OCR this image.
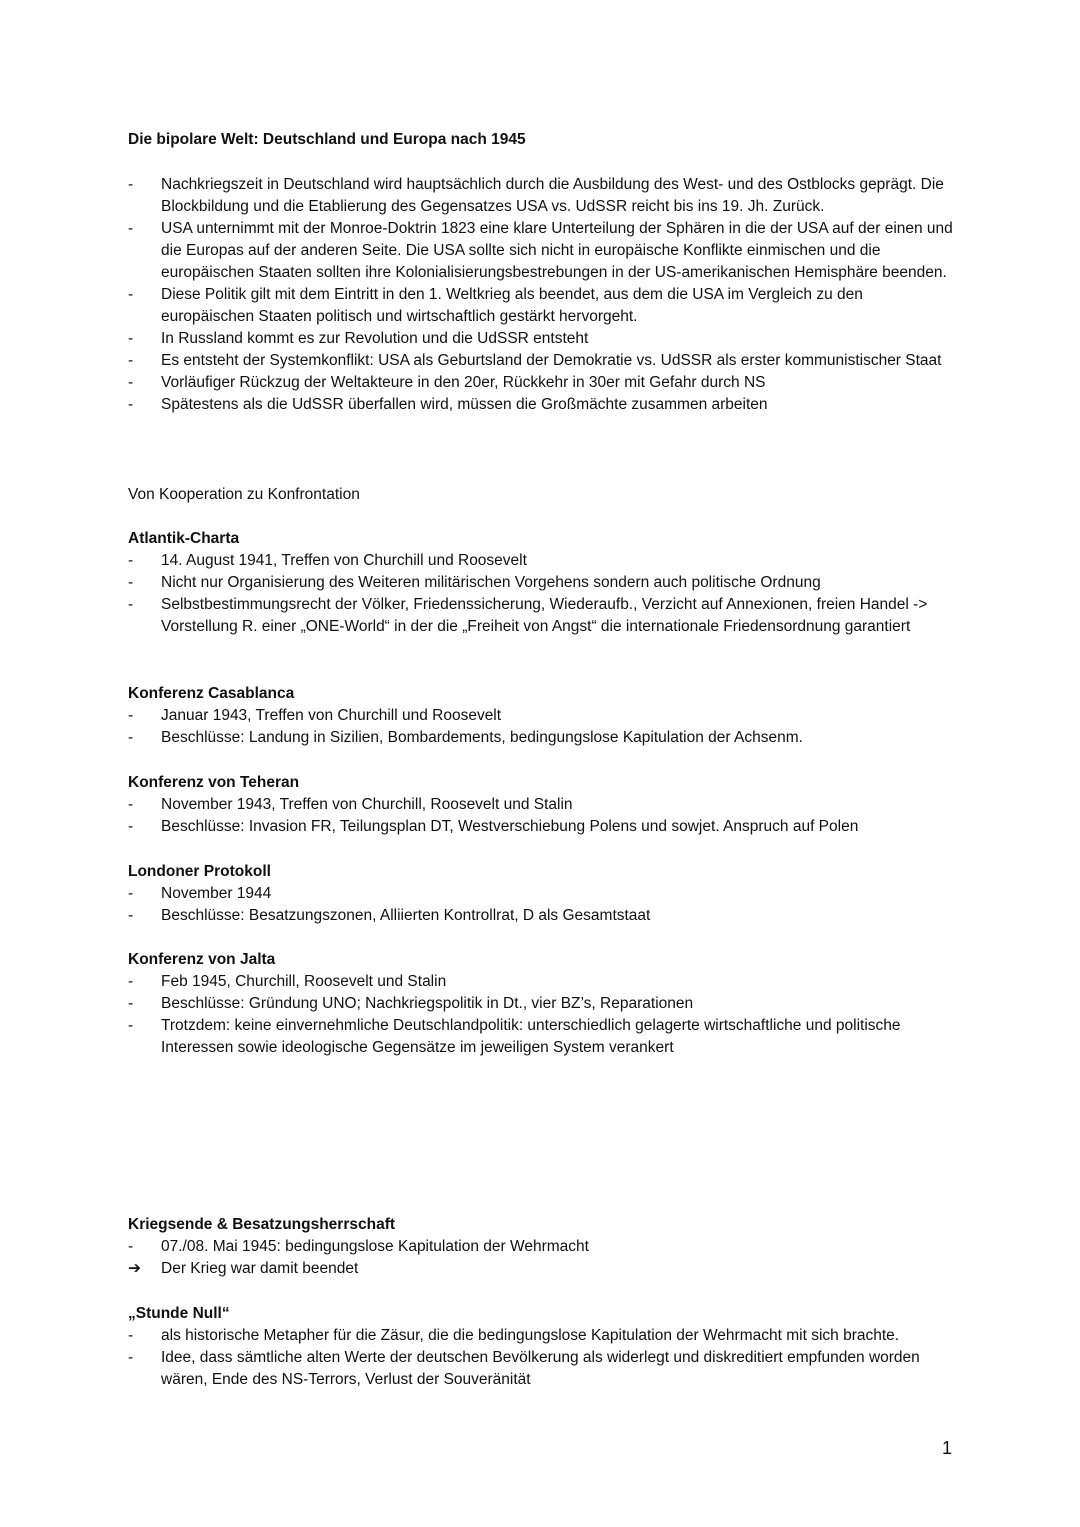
Die bipolare Welt: Deutschland und Europa nach 1945
-	Nachkriegszeit in Deutschland wird hauptsächlich durch die Ausbildung des West- und des Ostblocks geprägt. Die Blockbildung und die Etablierung des Gegensatzes USA vs. UdSSR reicht bis ins 19. Jh. Zurück.
-	USA unternimmt mit der Monroe-Doktrin 1823 eine klare Unterteilung der Sphären in die der USA auf der einen und die Europas auf der anderen Seite. Die USA sollte sich nicht in europäische Konflikte einmischen und die europäischen Staaten sollten ihre Kolonialisierungsbestrebungen in der US-amerikanischen Hemisphäre beenden.
-	Diese Politik gilt mit dem Eintritt in den 1. Weltkrieg als beendet, aus dem die USA im Vergleich zu den europäischen Staaten politisch und wirtschaftlich gestärkt hervorgeht.
-	In Russland kommt es zur Revolution und die UdSSR entsteht
-	Es entsteht der Systemkonflikt: USA als Geburtsland der Demokratie vs. UdSSR als erster kommunistischer Staat
-	Vorläufiger Rückzug der Weltakteure in den 20er, Rückkehr in 30er mit Gefahr durch NS
-	Spätestens als die UdSSR überfallen wird, müssen die Großmächte zusammen arbeiten
Von Kooperation zu Konfrontation
Atlantik-Charta
-	14. August 1941, Treffen von Churchill und Roosevelt
-	Nicht nur Organisierung des Weiteren militärischen Vorgehens sondern auch politische Ordnung
-	Selbstbestimmungsrecht der Völker, Friedenssicherung, Wiederaufb., Verzicht auf Annexionen, freien Handel -> Vorstellung R. einer „ONE-World“ in der die „Freiheit von Angst“ die internationale Friedensordnung garantiert
Konferenz Casablanca
-	Januar 1943, Treffen von Churchill und Roosevelt
-	Beschlüsse: Landung in Sizilien, Bombardements, bedingungslose Kapitulation der Achsenm.
Konferenz von Teheran
-	November 1943, Treffen von Churchill, Roosevelt und Stalin
-	Beschlüsse: Invasion FR, Teilungsplan DT, Westverschiebung Polens und sowjet. Anspruch auf Polen
Londoner Protokoll
-	November 1944
-	Beschlüsse: Besatzungszonen, Alliierten Kontrollrat, D als Gesamtstaat
Konferenz von Jalta
-	Feb 1945, Churchill, Roosevelt und Stalin
-	Beschlüsse: Gründung UNO; Nachkriegspolitik in Dt., vier BZ’s, Reparationen
-	Trotzdem: keine einvernehmliche Deutschlandpolitik: unterschiedlich gelagerte wirtschaftliche und politische Interessen sowie ideologische Gegensätze im jeweiligen System verankert
Kriegsende & Besatzungsherrschaft
-	07./08. Mai 1945: bedingungslose Kapitulation der Wehrmacht
➔	Der Krieg war damit beendet
„Stunde Null“
-	als historische Metapher für die Zäsur, die die bedingungslose Kapitulation der Wehrmacht mit sich brachte.
-	Idee, dass sämtliche alten Werte der deutschen Bevölkerung als widerlegt und diskreditiert empfunden worden wären, Ende des NS-Terrors, Verlust der Souveränität
1
